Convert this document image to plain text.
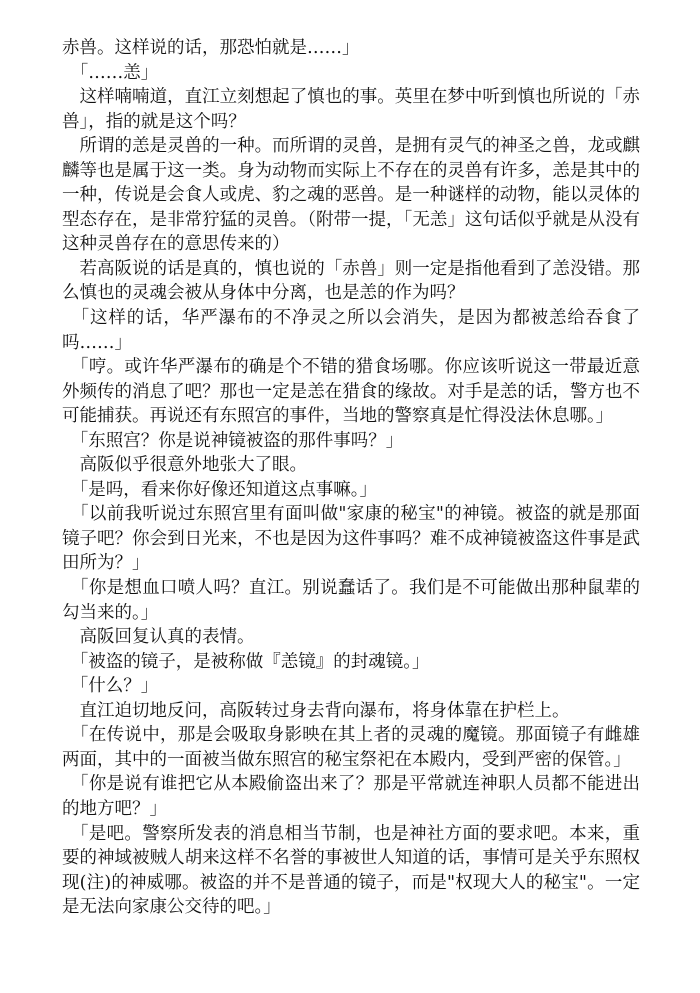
赤兽。这样说的话，那恐怕就是……」

　「……恙」

　这样喃喃道，直江立刻想起了慎也的事。英里在梦中听到慎也所说的「赤兽」，指的就是这个吗？

　所谓的恙是灵兽的一种。而所谓的灵兽，是拥有灵气的神圣之兽，龙或麒麟等也是属于这一类。身为动物而实际上不存在的灵兽有许多，恙是其中的一种，传说是会食人或虎、豹之魂的恶兽。是一种谜样的动物，能以灵体的型态存在，是非常狞猛的灵兽。（附带一提，「无恙」这句话似乎就是从没有这种灵兽存在的意思传来的）

　若高阪说的话是真的，慎也说的「赤兽」则一定是指他看到了恙没错。那么慎也的灵魂会被从身体中分离，也是恙的作为吗？

　「这样的话，华严瀑布的不净灵之所以会消失，是因为都被恙给吞食了吗……」

　「哼。或许华严瀑布的确是个不错的猎食场哪。你应该听说这一带最近意外频传的消息了吧？那也一定是恙在猎食的缘故。对手是恙的话，警方也不可能捕获。再说还有东照宫的事件，当地的警察真是忙得没法休息哪。」

　「东照宫？你是说神镜被盗的那件事吗？」

　高阪似乎很意外地张大了眼。

　「是吗，看来你好像还知道这点事嘛。」

　「以前我听说过东照宫里有面叫做"家康的秘宝"的神镜。被盗的就是那面镜子吧？你会到日光来，不也是因为这件事吗？难不成神镜被盗这件事是武田所为？」

　「你是想血口喷人吗？直江。别说蠢话了。我们是不可能做出那种鼠辈的勾当来的。」

　高阪回复认真的表情。

　「被盗的镜子，是被称做『恙镜』的封魂镜。」

　「什么？」

　直江迫切地反问，高阪转过身去背向瀑布，将身体靠在护栏上。

　「在传说中，那是会吸取身影映在其上者的灵魂的魔镜。那面镜子有雌雄两面，其中的一面被当做东照宫的秘宝祭祀在本殿内，受到严密的保管。」

　「你是说有谁把它从本殿偷盗出来了？那是平常就连神职人员都不能进出的地方吧？」

　「是吧。警察所发表的消息相当节制，也是神社方面的要求吧。本来，重要的神域被贼人胡来这样不名誉的事被世人知道的话，事情可是关乎东照权现(注)的神威哪。被盗的并不是普通的镜子，而是"权现大人的秘宝"。一定是无法向家康公交待的吧。」
